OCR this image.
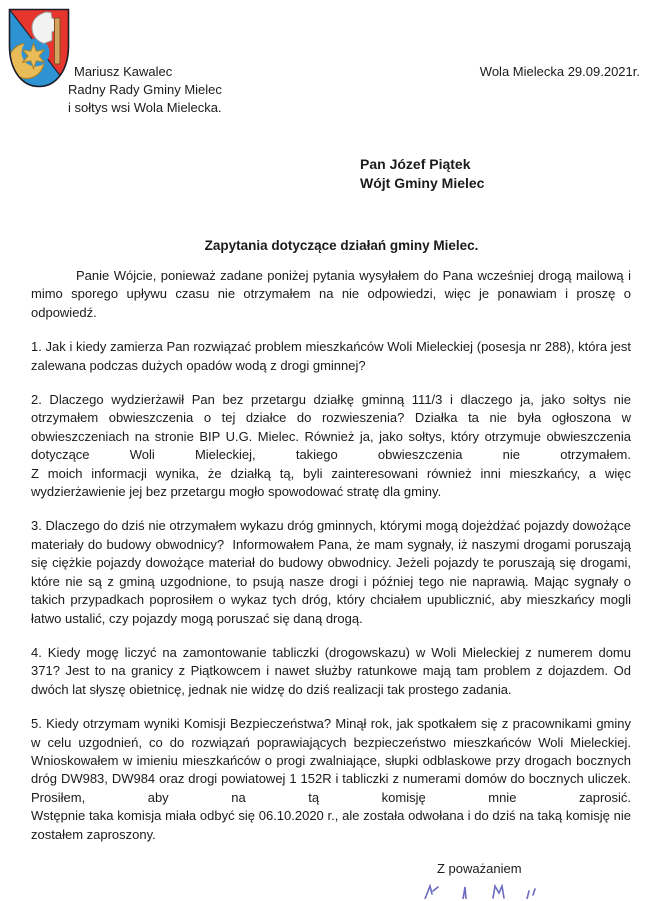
Mariusz Kawalec
Radny Rady Gminy Mielec
i sołtys wsi Wola Mielecka.
Wola Mielecka 29.09.2021r.
Pan Józef Piątek
Wójt Gminy Mielec
Zapytania dotyczące działań gminy Mielec.
Panie Wójcie, ponieważ zadane poniżej pytania wysyłałem do Pana wcześniej drogą mailową i mimo sporego upływu czasu nie otrzymałem na nie odpowiedzi, więc je ponawiam i proszę o odpowiedź.
1. Jak i kiedy zamierza Pan rozwiązać problem mieszkańców Woli Mieleckiej (posesja nr 288), która jest zalewana podczas dużych opadów wodą z drogi gminnej?
2. Dlaczego wydzierżawił Pan bez przetargu działkę gminną 111/3 i dlaczego ja, jako sołtys nie otrzymałem obwieszczenia o tej działce do rozwieszenia? Działka ta nie była ogłoszona w obwieszczeniach na stronie BIP U.G. Mielec. Również ja, jako sołtys, który otrzymuje obwieszczenia dotyczące Woli Mieleckiej, takiego obwieszczenia nie otrzymałem.
Z moich informacji wynika, że działką tą, byli zainteresowani również inni mieszkańcy, a więc wydzierżawienie jej bez przetargu mogło spowodować stratę dla gminy.
3. Dlaczego do dziś nie otrzymałem wykazu dróg gminnych, którymi mogą dojeżdżać pojazdy dowożące materiały do budowy obwodnicy?  Informowałem Pana, że mam sygnały, iż naszymi drogami poruszają się ciężkie pojazdy dowożące materiał do budowy obwodnicy. Jeżeli pojazdy te poruszają się drogami, które nie są z gminą uzgodnione, to psują nasze drogi i później tego nie naprawią. Mając sygnały o takich przypadkach poprosiłem o wykaz tych dróg, który chciałem upublicznić, aby mieszkańcy mogli łatwo ustalić, czy pojazdy mogą poruszać się daną drogą.
4. Kiedy mogę liczyć na zamontowanie tabliczki (drogowskazu) w Woli Mieleckiej z numerem domu 371? Jest to na granicy z Piątkowcem i nawet służby ratunkowe mają tam problem z dojazdem. Od dwóch lat słyszę obietnicę, jednak nie widzę do dziś realizacji tak prostego zadania.
5. Kiedy otrzymam wyniki Komisji Bezpieczeństwa? Minął rok, jak spotkałem się z pracownikami gminy w celu uzgodnień, co do rozwiązań poprawiających bezpieczeństwo mieszkańców Woli Mieleckiej. Wnioskowałem w imieniu mieszkańców o progi zwalniające, słupki odblaskowe przy drogach bocznych dróg DW983, DW984 oraz drogi powiatowej 1 152R i tabliczki z numerami domów do bocznych uliczek. Prosiłem, aby na tą komisję mnie zaprosić.
Wstępnie taka komisja miała odbyć się 06.10.2020 r., ale została odwołana i do dziś na taką komisję nie zostałem zaproszony.
Z poważaniem
